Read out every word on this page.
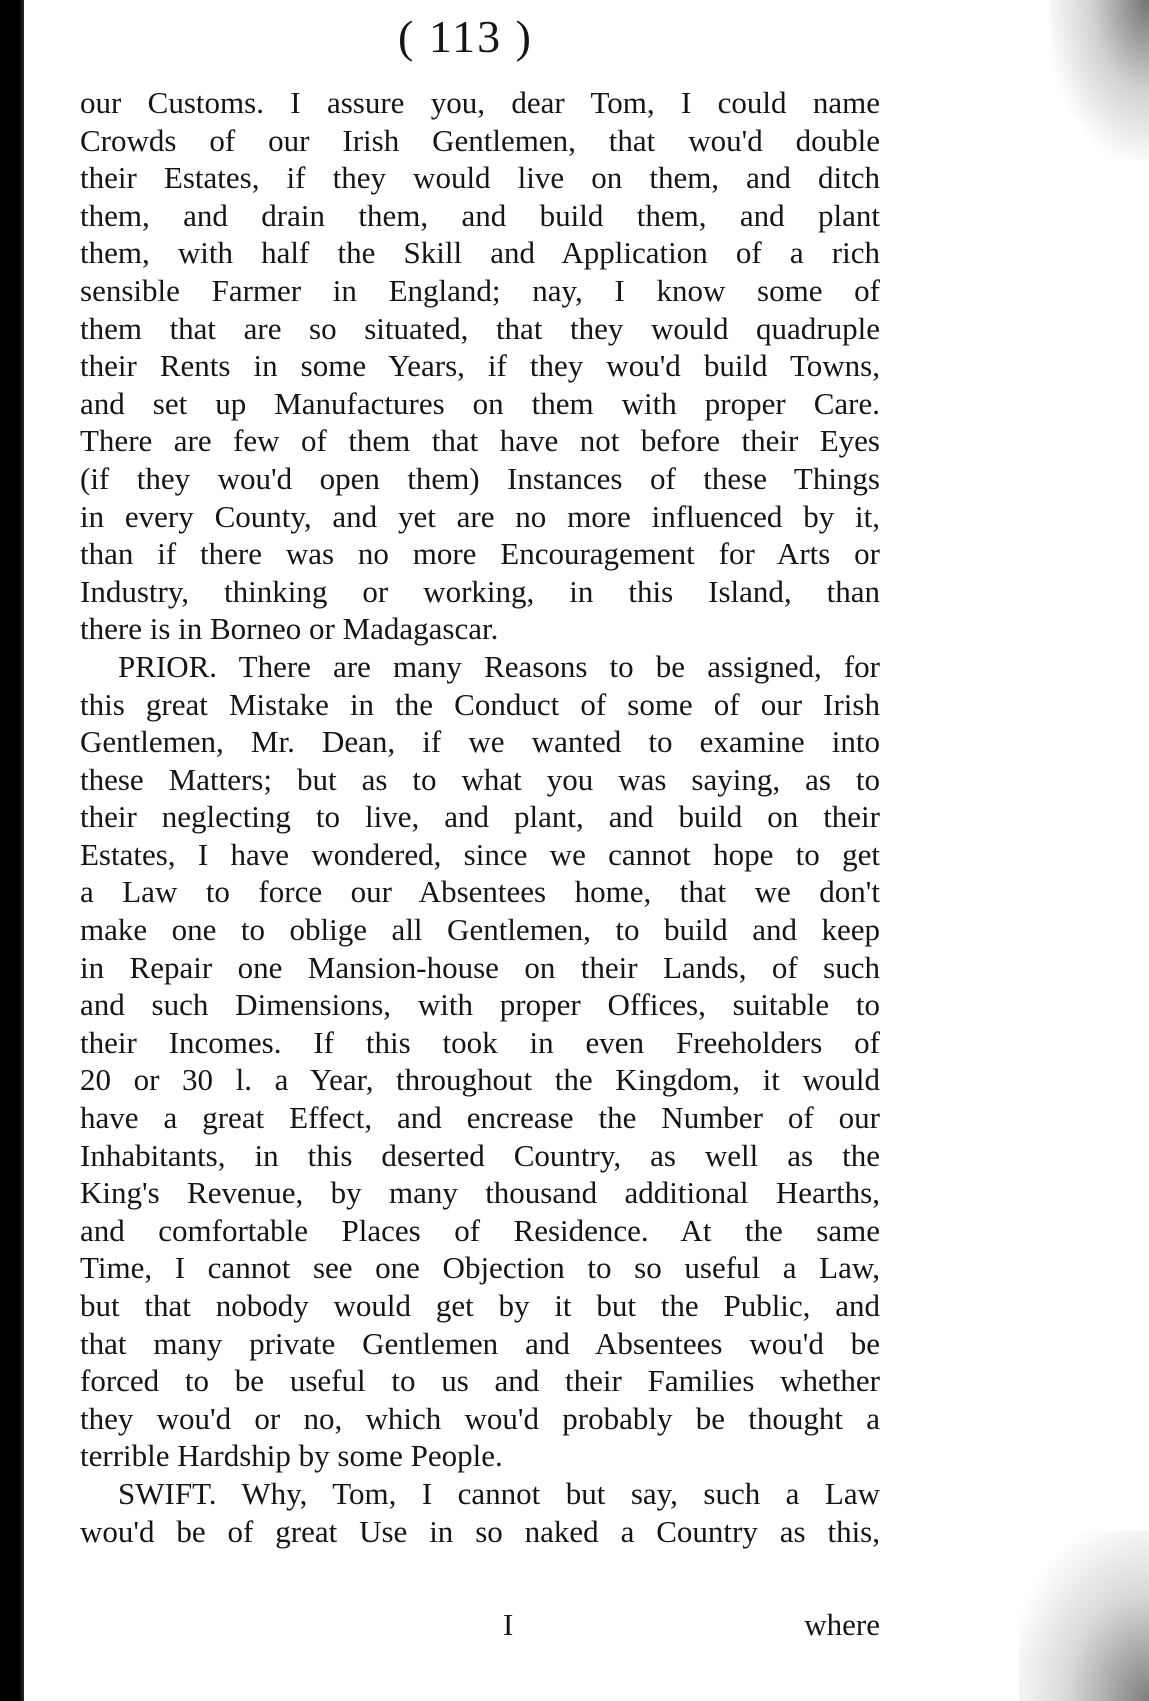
( 113 )
our Customs. I assure you, dear Tom, I could name
Crowds of our Irish Gentlemen, that wou'd double
their Estates, if they would live on them, and ditch
them, and drain them, and build them, and plant
them, with half the Skill and Application of a rich
sensible Farmer in England; nay, I know some of
them that are so situated, that they would quadruple
their Rents in some Years, if they wou'd build Towns,
and set up Manufactures on them with proper Care.
There are few of them that have not before their Eyes
(if they wou'd open them) Instances of these Things
in every County, and yet are no more influenced by it,
than if there was no more Encouragement for Arts or
Industry, thinking or working, in this Island, than
there is in Borneo or Madagascar.
PRIOR. There are many Reasons to be assigned, for
this great Mistake in the Conduct of some of our Irish
Gentlemen, Mr. Dean, if we wanted to examine into
these Matters; but as to what you was saying, as to
their neglecting to live, and plant, and build on their
Estates, I have wondered, since we cannot hope to get
a Law to force our Absentees home, that we don't
make one to oblige all Gentlemen, to build and keep
in Repair one Mansion-house on their Lands, of such
and such Dimensions, with proper Offices, suitable to
their Incomes. If this took in even Freeholders of
20 or 30 l. a Year, throughout the Kingdom, it would
have a great Effect, and encrease the Number of our
Inhabitants, in this deserted Country, as well as the
King's Revenue, by many thousand additional Hearths,
and comfortable Places of Residence. At the same
Time, I cannot see one Objection to so useful a Law,
but that nobody would get by it but the Public, and
that many private Gentlemen and Absentees wou'd be
forced to be useful to us and their Families whether
they wou'd or no, which wou'd probably be thought a
terrible Hardship by some People.
SWIFT. Why, Tom, I cannot but say, such a Law
wou'd be of great Use in so naked a Country as this,
I	where
